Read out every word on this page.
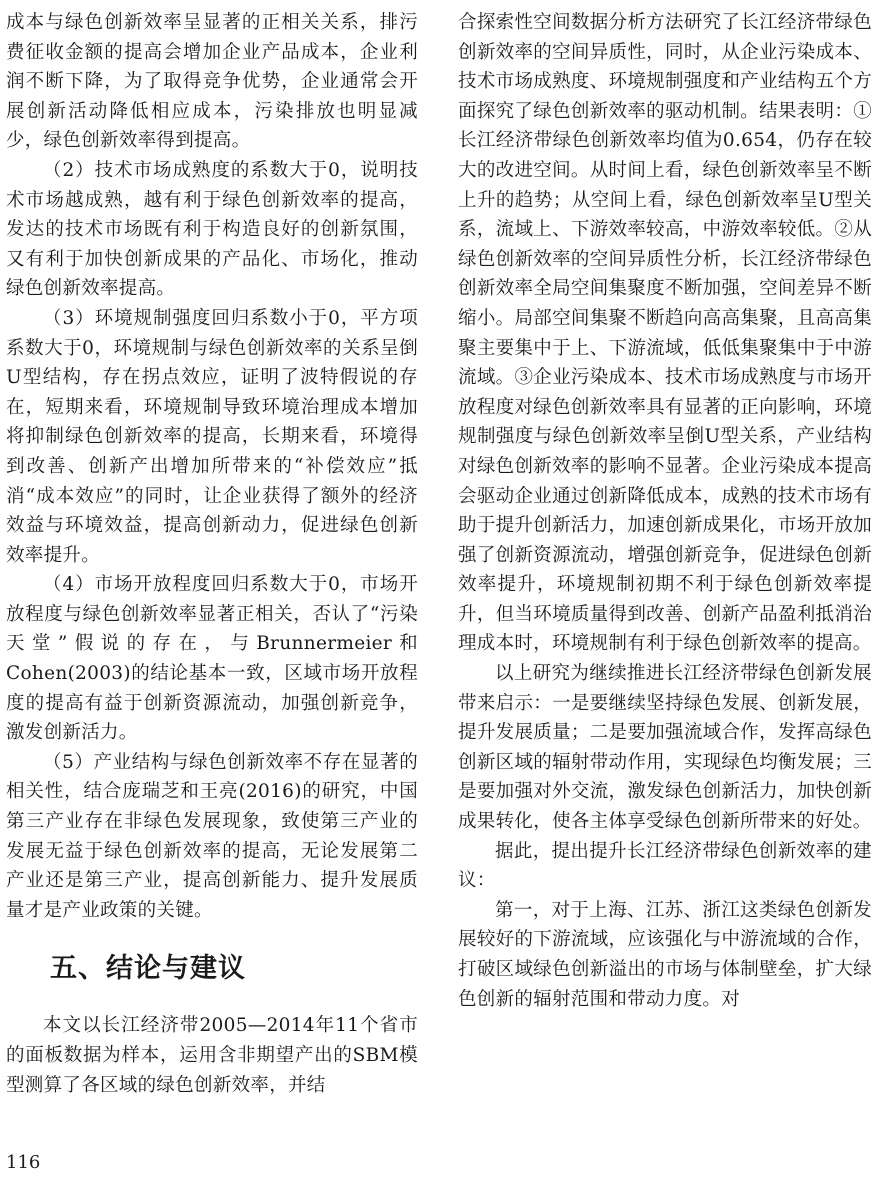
成本与绿色创新效率呈显著的正相关关系，排污费征收金额的提高会增加企业产品成本，企业利润不断下降，为了取得竞争优势，企业通常会开展创新活动降低相应成本，污染排放也明显减少，绿色创新效率得到提高。

（2）技术市场成熟度的系数大于0，说明技术市场越成熟，越有利于绿色创新效率的提高，发达的技术市场既有利于构造良好的创新氛围，又有利于加快创新成果的产品化、市场化，推动绿色创新效率提高。

（3）环境规制强度回归系数小于0，平方项系数大于0，环境规制与绿色创新效率的关系呈倒U型结构，存在拐点效应，证明了波特假说的存在，短期来看，环境规制导致环境治理成本增加将抑制绿色创新效率的提高，长期来看，环境得到改善、创新产出增加所带来的“补偿效应”抵消“成本效应”的同时，让企业获得了额外的经济效益与环境效益，提高创新动力，促进绿色创新效率提升。

（4）市场开放程度回归系数大于0，市场开放程度与绿色创新效率显著正相关，否认了“污染天堂”假说的存在，与Brunnermeier和Cohen(2003)的结论基本一致，区域市场开放程度的提高有益于创新资源流动，加强创新竞争，激发创新活力。

（5）产业结构与绿色创新效率不存在显著的相关性，结合庞瑞芝和王亮(2016)的研究，中国第三产业存在非绿色发展现象，致使第三产业的发展无益于绿色创新效率的提高，无论发展第二产业还是第三产业，提高创新能力、提升发展质量才是产业政策的关键。

五、结论与建议

本文以长江经济带2005—2014年11个省市的面板数据为样本，运用含非期望产出的SBM模型测算了各区域的绿色创新效率，并结

合探索性空间数据分析方法研究了长江经济带绿色创新效率的空间异质性，同时，从企业污染成本、技术市场成熟度、环境规制强度和产业结构五个方面探究了绿色创新效率的驱动机制。结果表明：①长江经济带绿色创新效率均值为0.654，仍存在较大的改进空间。从时间上看，绿色创新效率呈不断上升的趋势；从空间上看，绿色创新效率呈U型关系，流域上、下游效率较高，中游效率较低。②从绿色创新效率的空间异质性分析，长江经济带绿色创新效率全局空间集聚度不断加强，空间差异不断缩小。局部空间集聚不断趋向高高集聚，且高高集聚主要集中于上、下游流域，低低集聚集中于中游流域。③企业污染成本、技术市场成熟度与市场开放程度对绿色创新效率具有显著的正向影响，环境规制强度与绿色创新效率呈倒U型关系，产业结构对绿色创新效率的影响不显著。企业污染成本提高会驱动企业通过创新降低成本，成熟的技术市场有助于提升创新活力，加速创新成果化，市场开放加强了创新资源流动，增强创新竞争，促进绿色创新效率提升，环境规制初期不利于绿色创新效率提升，但当环境质量得到改善、创新产品盈利抵消治理成本时，环境规制有利于绿色创新效率的提高。

以上研究为继续推进长江经济带绿色创新发展带来启示：一是要继续坚持绿色发展、创新发展，提升发展质量；二是要加强流域合作，发挥高绿色创新区域的辐射带动作用，实现绿色均衡发展；三是要加强对外交流，激发绿色创新活力，加快创新成果转化，使各主体享受绿色创新所带来的好处。

据此，提出提升长江经济带绿色创新效率的建议：

第一，对于上海、江苏、浙江这类绿色创新发展较好的下游流域，应该强化与中游流域的合作，打破区域绿色创新溢出的市场与体制壁垒，扩大绿色创新的辐射范围和带动力度。对

116
